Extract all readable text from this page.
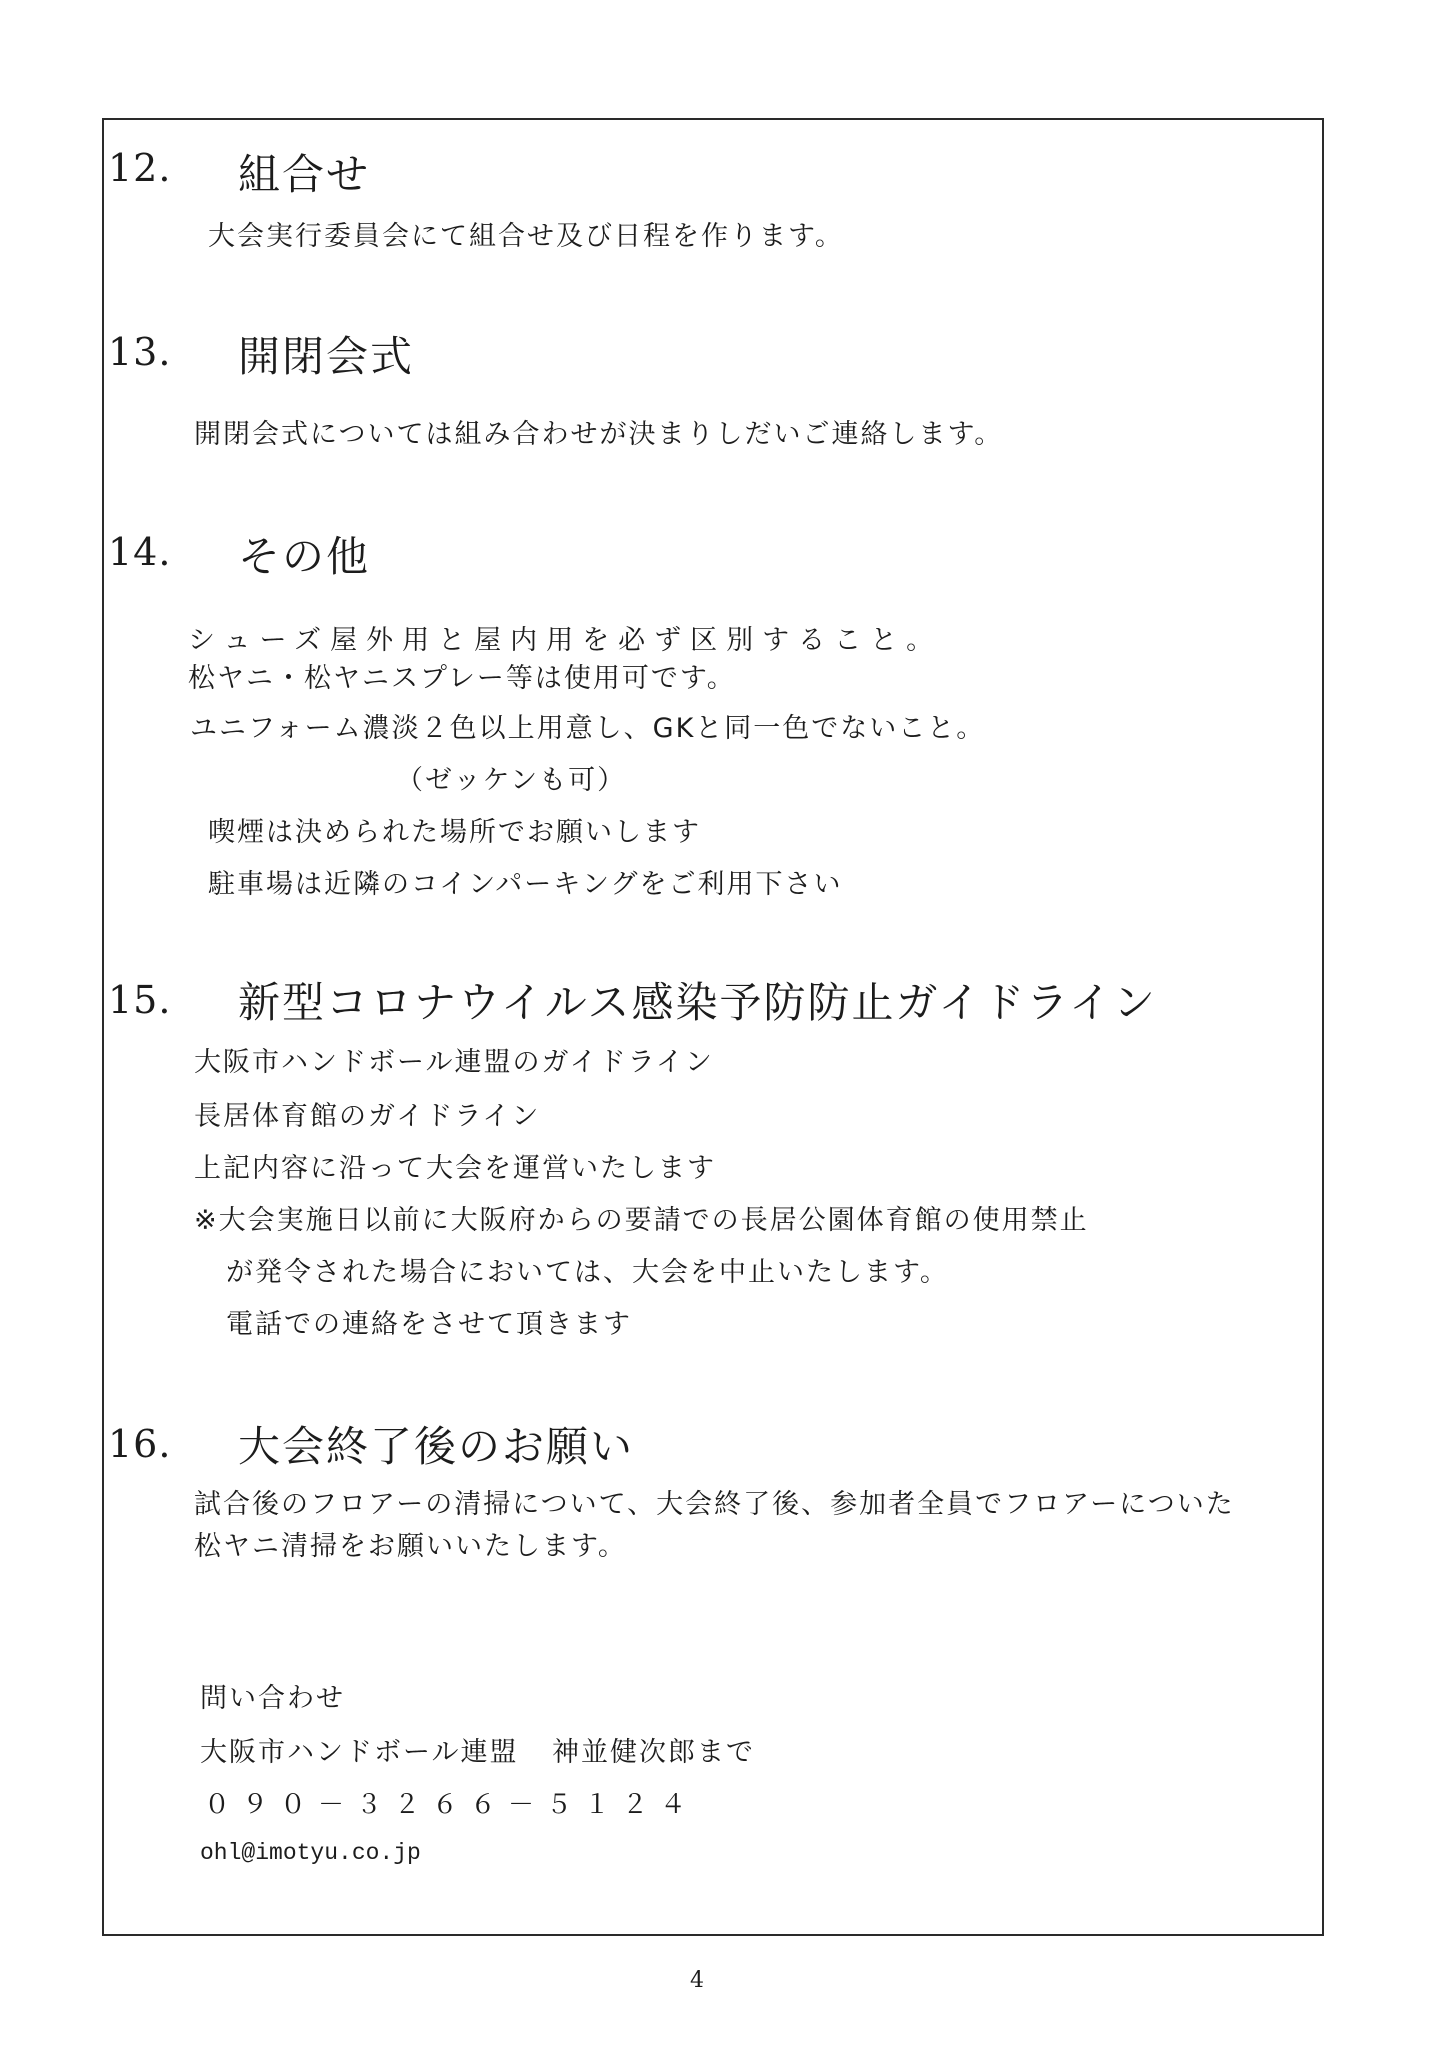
12. 組合せ
大会実行委員会にて組合せ及び日程を作ります。
13. 開閉会式
開閉会式については組み合わせが決まりしだいご連絡します。
14. その他
シューズ屋外用と屋内用を必ず区別すること。
松ヤニ・松ヤニスプレー等は使用可です。
ユニフォーム濃淡２色以上用意し、GKと同一色でないこと。
（ゼッケンも可）
喫煙は決められた場所でお願いします
駐車場は近隣のコインパーキングをご利用下さい
15. 新型コロナウイルス感染予防防止ガイドライン
大阪市ハンドボール連盟のガイドライン
長居体育館のガイドライン
上記内容に沿って大会を運営いたします
※大会実施日以前に大阪府からの要請での長居公園体育館の使用禁止
が発令された場合においては、大会を中止いたします。
電話での連絡をさせて頂きます
16. 大会終了後のお願い
試合後のフロアーの清掃について、大会終了後、参加者全員でフロアーについた
松ヤニ清掃をお願いいたします。
問い合わせ
大阪市ハンドボール連盟 神並健次郎まで
０９０－３２６６－５１２４
ohl@imotyu.co.jp
4
